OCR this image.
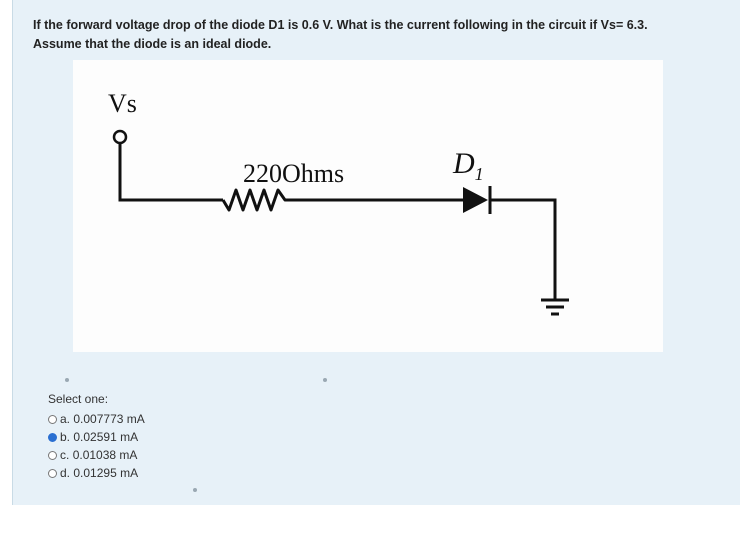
If the forward voltage drop of the diode D1 is 0.6 V. What is the current following in the circuit if Vs= 6.3.
Assume that the diode is an ideal diode.
Vs
220Ohms	$D_1$
Select one:
a.
0.007773 mA
b.
0.02591 mA
c.
0.01038 mA
d.
0.01295 mA
